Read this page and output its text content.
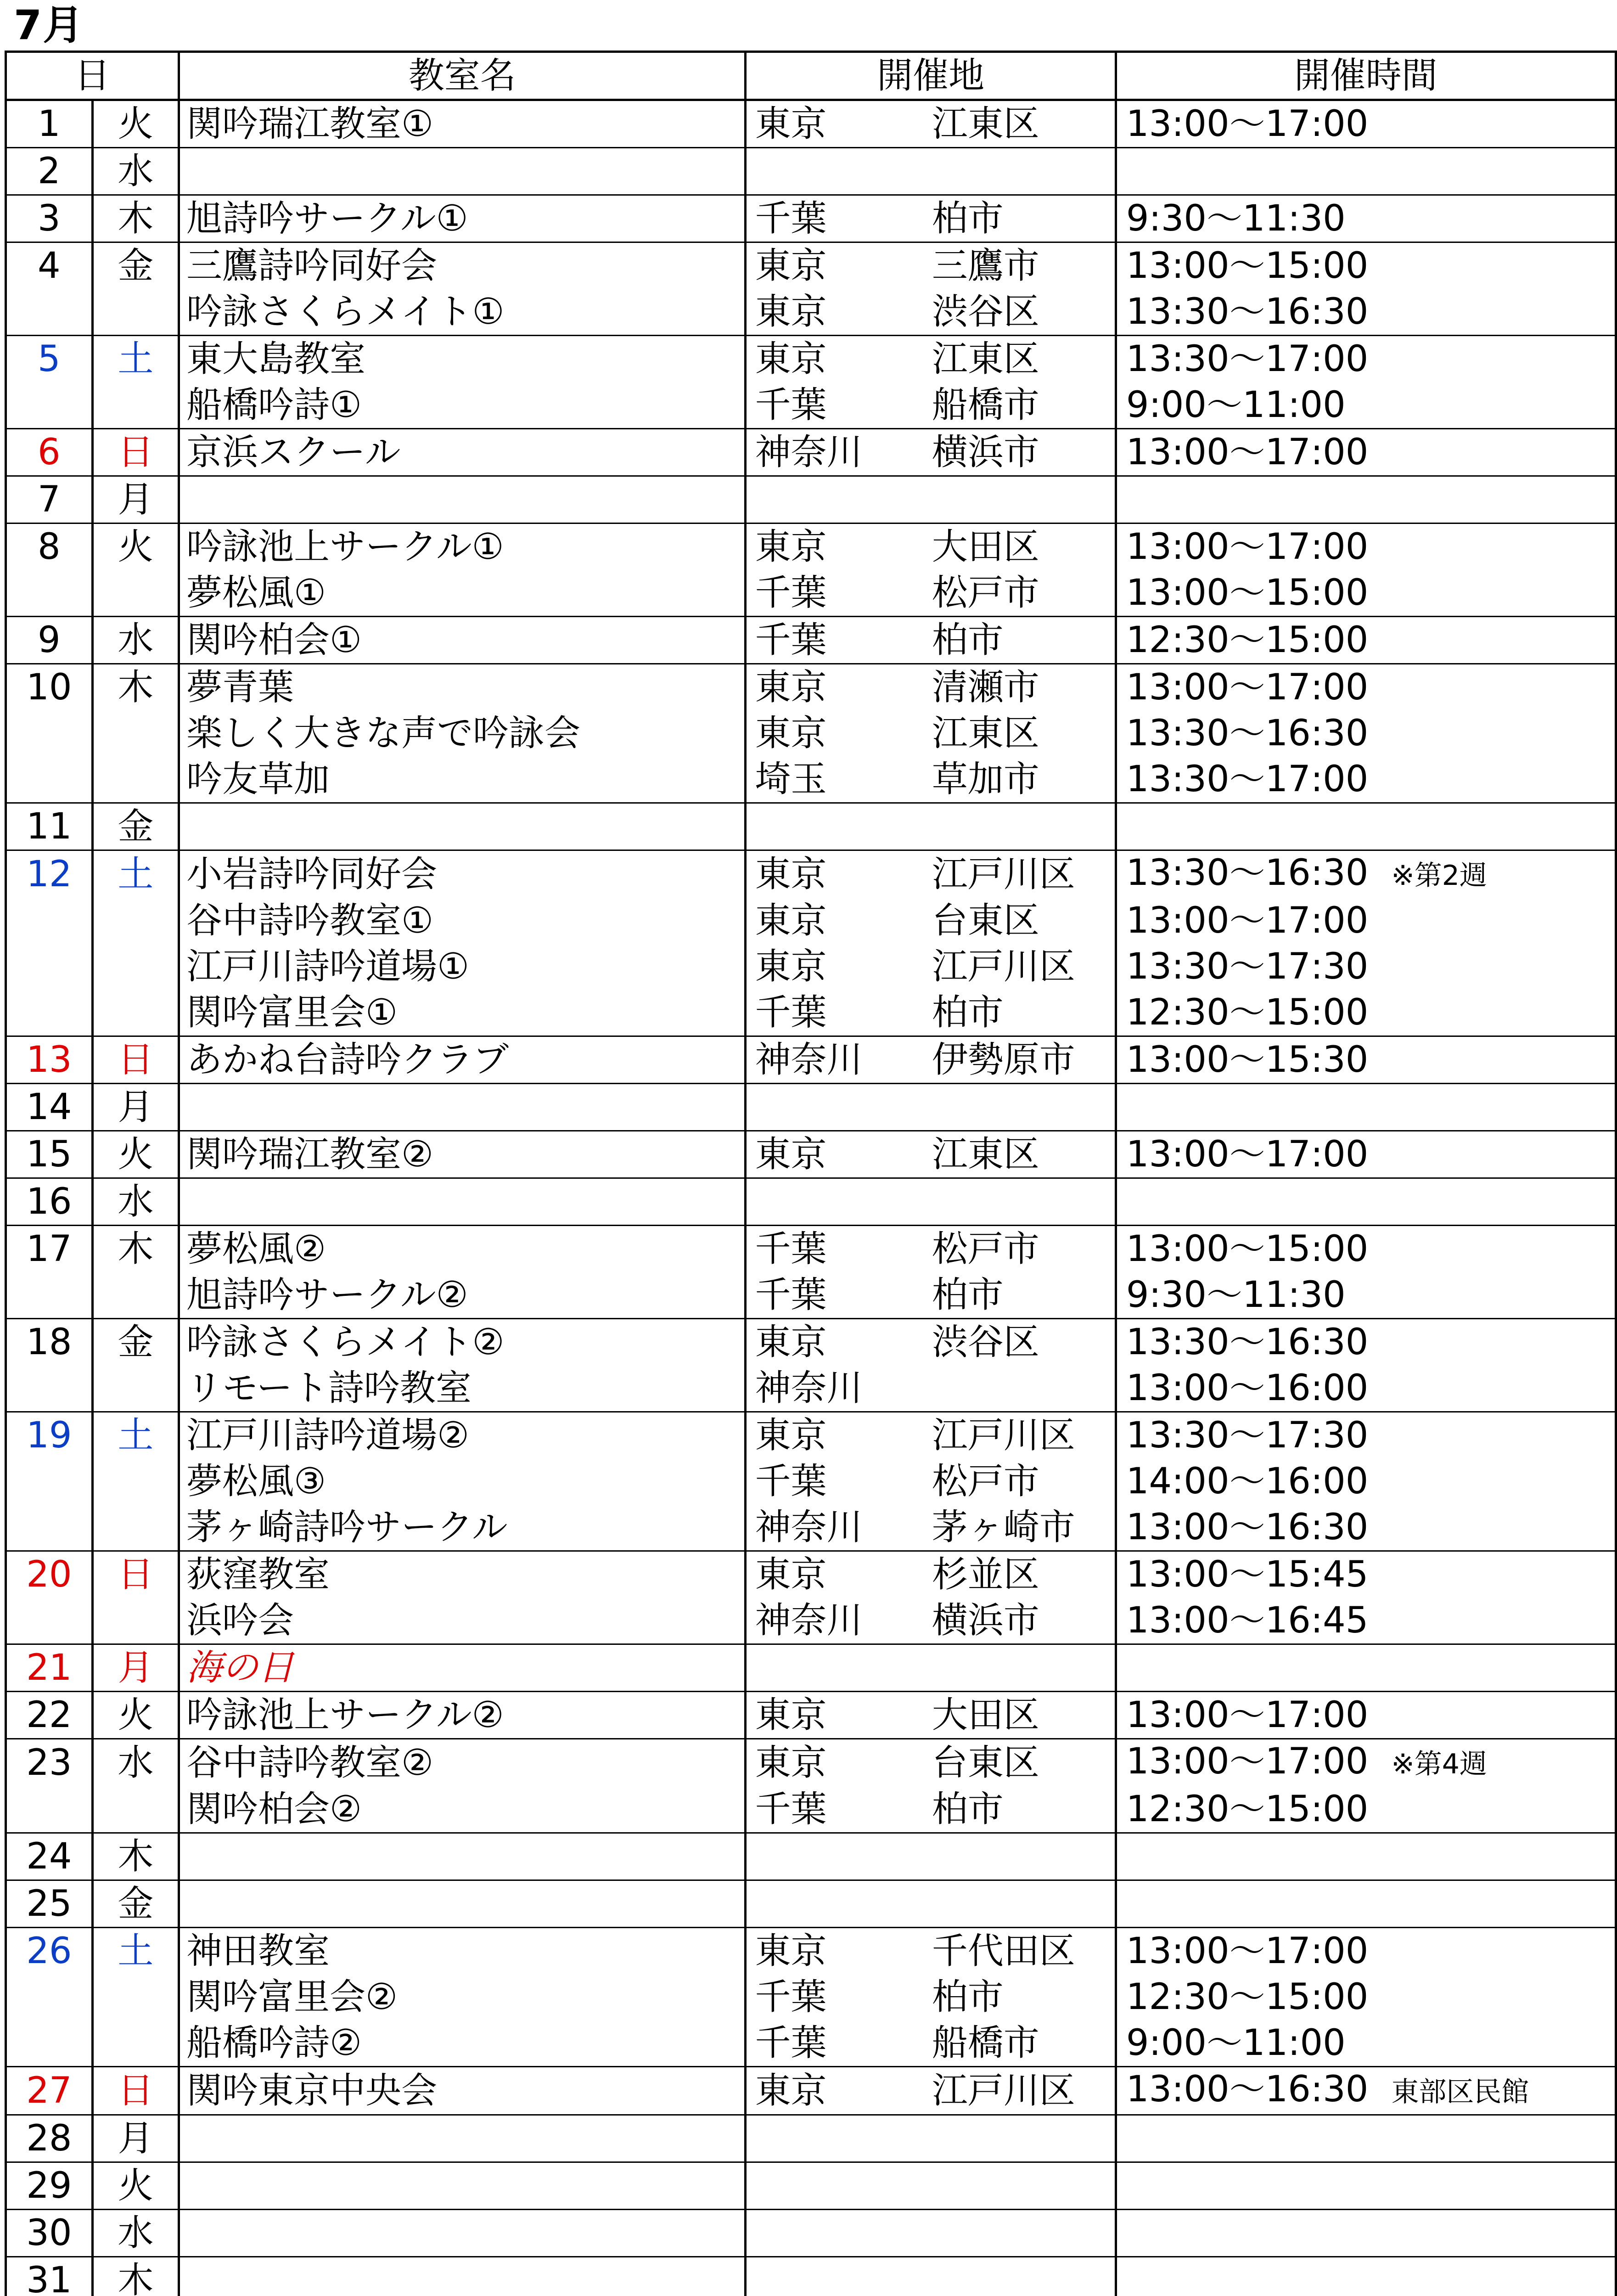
7月
日		教室名	開催地		開催時間
1	火	関吟瑞江教室①	東京	江東区	13:00～17:00
2	水				
3	木	旭詩吟サークル①	千葉	柏市	9:30～11:30
4	金	三鷹詩吟同好会	東京	三鷹市	13:00～15:00
		吟詠さくらメイト①	東京	渋谷区	13:30～16:30
5	土	東大島教室	東京	江東区	13:30～17:00
		船橋吟詩①	千葉	船橋市	9:00～11:00
6	日	京浜スクール	神奈川	横浜市	13:00～17:00
7	月				
8	火	吟詠池上サークル①	東京	大田区	13:00～17:00
		夢松風①	千葉	松戸市	13:00～15:00
9	水	関吟柏会①	千葉	柏市	12:30～15:00
10	木	夢青葉	東京	清瀬市	13:00～17:00
		楽しく大きな声で吟詠会	東京	江東区	13:30～16:30
		吟友草加	埼玉	草加市	13:30～17:00
11	金				
12	土	小岩詩吟同好会	東京	江戸川区	13:30～16:30 ※第2週
		谷中詩吟教室①	東京	台東区	13:00～17:00
		江戸川詩吟道場①	東京	江戸川区	13:30～17:30
		関吟富里会①	千葉	柏市	12:30～15:00
13	日	あかね台詩吟クラブ	神奈川	伊勢原市	13:00～15:30
14	月				
15	火	関吟瑞江教室②	東京	江東区	13:00～17:00
16	水				
17	木	夢松風②	千葉	松戸市	13:00～15:00
		旭詩吟サークル②	千葉	柏市	9:30～11:30
18	金	吟詠さくらメイト②	東京	渋谷区	13:30～16:30
		リモート詩吟教室	神奈川		13:00～16:00
19	土	江戸川詩吟道場②	東京	江戸川区	13:30～17:30
		夢松風③	千葉	松戸市	14:00～16:00
		茅ヶ崎詩吟サークル	神奈川	茅ヶ崎市	13:00～16:30
20	日	荻窪教室	東京	杉並区	13:00～15:45
		浜吟会	神奈川	横浜市	13:00～16:45
21	月	海の日			
22	火	吟詠池上サークル②	東京	大田区	13:00～17:00
23	水	谷中詩吟教室②	東京	台東区	13:00～17:00 ※第4週
		関吟柏会②	千葉	柏市	12:30～15:00
24	木				
25	金				
26	土	神田教室	東京	千代田区	13:00～17:00
		関吟富里会②	千葉	柏市	12:30～15:00
		船橋吟詩②	千葉	船橋市	9:00～11:00
27	日	関吟東京中央会	東京	江戸川区	13:00～16:30 東部区民館
28	月				
29	火				
30	水				
31	木				
